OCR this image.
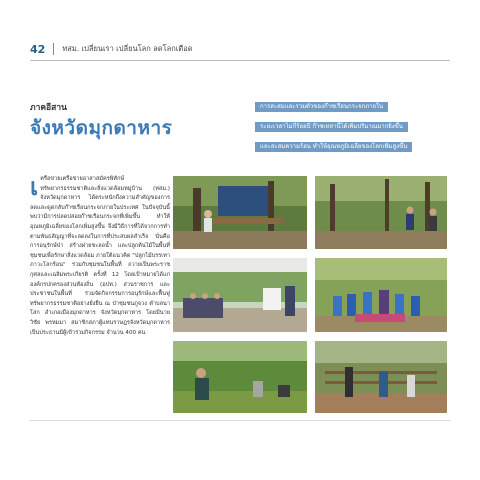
42 ทสม. เปลี่ยนเรา เปลี่ยนโลก ลดโลกเดือด
ภาคอีสาน
จังหวัดมุกดาหาร
การสะสมและรวมตัวของก๊าซเรือนกระจกภายใน ระยะเวลาไม่กี่ร้อยปี ก๊าซเหล่านี้ได้เพิ่มปริมาณมากยิ่งขึ้น และสะสมความร้อน ทำให้อุณหภูมิเฉลี่ยของโลกเพิ่มสูงขึ้น
เครือข่ายเครือข่ายอาสาสมัครพิทักษ์ทรัพยากรธรรมชาติและสิ่งแวดล้อมหมู่บ้าน (ทสม.) จังหวัดมุกดาหาร ได้ตระหนักถึงความสำคัญของการลดและดูดกลับก๊าซเรือนกระจกภายในประเทศ ในปัจจุบันนี้พบว่ามีการปลดปล่อยก๊าซเรือนกระจกที่เพิ่มขึ้น ทำให้อุณหภูมิเฉลี่ยของโลกเพิ่มสูงขึ้น จึงมีวิธีการที่ได้จากการทำตามพันธสัญญาที่จะลดลงในการที่ประสบผลสำเร็จ นั่นคือการอนุรักษ์ป่า สร้างฝายชะลอน้ำ และปลูกต้นไม้ในพื้นที่ชุมชนเพื่อรักษาสิ่งแวดล้อม ภายใต้แนวคิด "ปลูกไม้บรรเทาภาวะโลกร้อน" ร่วมกับชุมชนในพื้นที่ ถวายเป็นพระราชกุศลและเฉลิมพระเกียรติ ครั้งที่ 12 โดยเป้าหมายได้แก่ องค์กรปกครองส่วนท้องถิ่น (อปท.) ส่วนราชการ และประชาชนในพื้นที่ ร่วมจัดกิจกรรมการอนุรักษ์และฟื้นฟูทรัพยากรธรรมชาติอย่างยั่งยืน ณ ป่าชุมชนภูจวง ตำบลนาโสก อำเภอเมืองมุกดาหาร จังหวัดมุกดาหาร โดยมีนายวิชัย พรหมมา สมาชิกสภาผู้แทนราษฎรจังหวัดมุกดาหาร เป็นประธานมีผู้เข้าร่วมกิจกรรม จำนวน 400 คน
